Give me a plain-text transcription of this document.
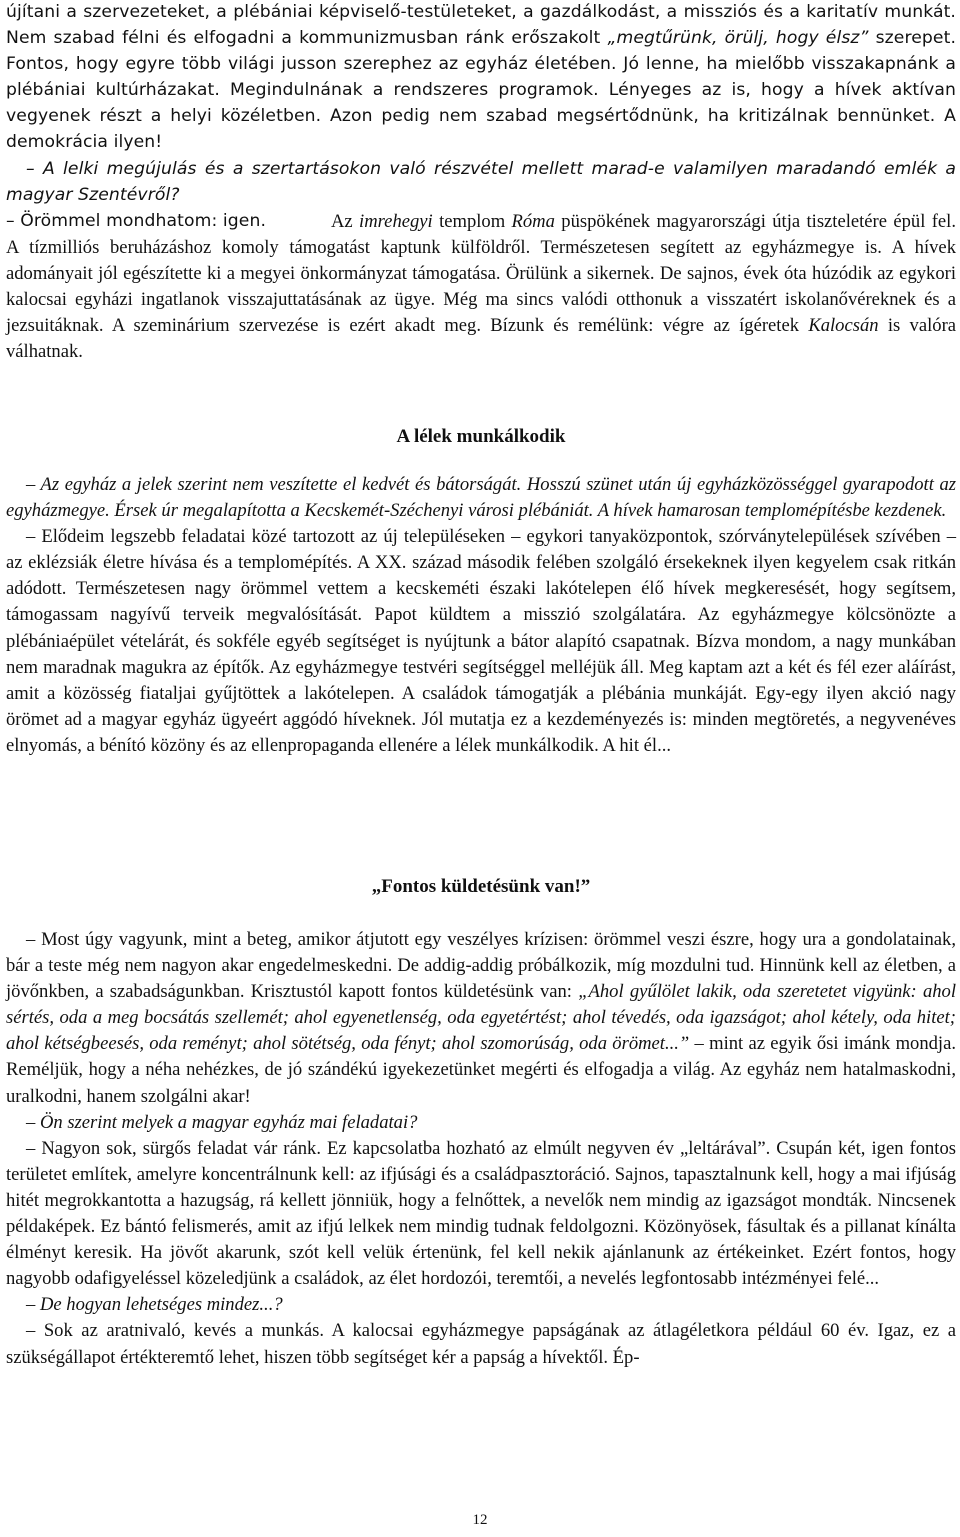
újítani a szervezeteket, a plébániai képviselő-testületeket, a gazdálkodást, a missziós és a karitatív munkát. Nem szabad félni és elfogadni a kommunizmusban ránk erőszakolt „megtűrünk, örülj, hogy élsz” szerepet. Fontos, hogy egyre több világi jusson szerephez az egyház életében. Jó lenne, ha mielőbb visszakapnánk a plébániai kultúrházakat. Megindulnának a rendszeres programok. Lényeges az is, hogy a hívek aktívan vegyenek részt a helyi közéletben. Azon pedig nem szabad megsértődnünk, ha kritizálnak bennünket. A demokrácia ilyen!

– A lelki megújulás és a szertartásokon való részvétel mellett marad-e valamilyen maradandó emlék a magyar Szentévről?

– Örömmel mondhatom: igen.	Az imrehegyi templom Róma püspökének magyarországi útja tiszteletére épül fel. A tízmilliós beruházáshoz komoly támogatást kaptunk külföldről. Természetesen segített az egyházmegye is. A hívek adományait jól egészítette ki a megyei önkormányzat támogatása. Örülünk a sikernek. De sajnos, évek óta húzódik az egykori kalocsai egyházi ingatlanok visszajuttatásának az ügye. Még ma sincs valódi otthonuk a visszatért iskolanővéreknek és a jezsuitáknak. A szeminárium szervezése is ezért akadt meg. Bízunk és remélünk: végre az ígéretek Kalocsán is valóra válhatnak.

A lélek munkálkodik

– Az egyház a jelek szerint nem veszítette el kedvét és bátorságát. Hosszú szünet után új egyházközösséggel gyarapodott az egyházmegye. Érsek úr megalapította a Kecskemét-Széchenyi városi plébániát. A hívek hamarosan templomépítésbe kezdenek.

– Elődeim legszebb feladatai közé tartozott az új településeken – egykori tanyaközpontok, szórványtelepülések szívében – az eklézsiák életre hívása és a templomépítés. A XX. század második felében szolgáló érsekeknek ilyen kegyelem csak ritkán adódott. Természetesen nagy örömmel vettem a kecskeméti északi lakótelepen élő hívek megkeresését, hogy segítsem, támogassam nagyívű terveik megvalósítását. Papot küldtem a misszió szolgálatára. Az egyházmegye kölcsönözte a plébániaépület vételárát, és sokféle egyéb segítséget is nyújtunk a bátor alapító csapatnak. Bízva mondom, a nagy munkában nem maradnak magukra az építők. Az egyházmegye testvéri segítséggel melléjük áll. Meg kaptam azt a két és fél ezer aláírást, amit a közösség fiataljai gyűjtöttek a lakótelepen. A családok támogatják a plébánia munkáját. Egy-egy ilyen akció nagy örömet ad a magyar egyház ügyeért aggódó híveknek. Jól mutatja ez a kezdeményezés is: minden megtöretés, a negyvenéves elnyomás, a bénító közöny és az ellenpropaganda ellenére a lélek munkálkodik. A hit él...

„Fontos küldetésünk van!”

– Most úgy vagyunk, mint a beteg, amikor átjutott egy veszélyes krízisen: örömmel veszi észre, hogy ura a gondolatainak, bár a teste még nem nagyon akar engedelmeskedni. De addig-addig próbálkozik, míg mozdulni tud. Hinnünk kell az életben, a jövőnkben, a szabadságunkban. Krisztustól kapott fontos küldetésünk van: „Ahol gyűlölet lakik, oda szeretetet vigyünk: ahol sértés, oda a meg bocsátás szellemét; ahol egyenetlenség, oda egyetértést; ahol tévedés, oda igazságot; ahol kétely, oda hitet; ahol kétségbeesés, oda reményt; ahol sötétség, oda fényt; ahol szomorúság, oda örömet...” – mint az egyik ősi imánk mondja. Reméljük, hogy a néha nehézkes, de jó szándékú igyekezetünket megérti és elfogadja a világ. Az egyház nem hatalmaskodni, uralkodni, hanem szolgálni akar!

– Ön szerint melyek a magyar egyház mai feladatai?

– Nagyon sok, sürgős feladat vár ránk. Ez kapcsolatba hozható az elmúlt negyven év „leltárával”. Csupán két, igen fontos területet említek, amelyre koncentrálnunk kell: az ifjúsági és a családpasztoráció. Sajnos, tapasztalnunk kell, hogy a mai ifjúság hitét megrokkantotta a hazugság, rá kellett jönniük, hogy a felnőttek, a nevelők nem mindig az igazságot mondták. Nincsenek példaképek. Ez bántó felismerés, amit az ifjú lelkek nem mindig tudnak feldolgozni. Közönyösek, fásultak és a pillanat kínálta élményt keresik. Ha jövőt akarunk, szót kell velük értenünk, fel kell nekik ajánlanunk az értékeinket. Ezért fontos, hogy nagyobb odafigyeléssel közeledjünk a családok, az élet hordozói, teremtői, a nevelés legfontosabb intézményei felé...

– De hogyan lehetséges mindez...?

– Sok az aratnivaló, kevés a munkás. A kalocsai egyházmegye papságának az átlagéletkora például 60 év. Igaz, ez a szükségállapot értékteremtő lehet, hiszen több segítséget kér a papság a hívektől. Ép-

12
